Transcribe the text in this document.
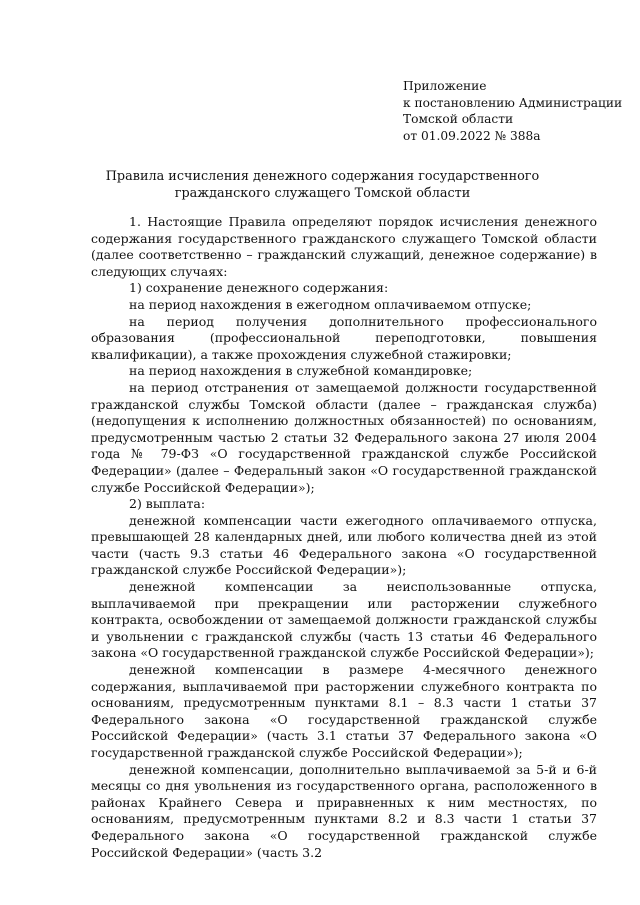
Приложение
к постановлению Администрации
Томской области
от 01.09.2022 № 388а
Правила исчисления денежного содержания государственного
гражданского служащего Томской области

1. Настоящие Правила определяют порядок исчисления денежного содержания государственного гражданского служащего Томской области (далее соответственно – гражданский служащий, денежное содержание) в следующих случаях:

1) сохранение денежного содержания:

на период нахождения в ежегодном оплачиваемом отпуске;

на период получения дополнительного профессионального образования (профессиональной переподготовки, повышения квалификации), а также прохождения служебной стажировки;

на период нахождения в служебной командировке;

на период отстранения от замещаемой должности государственной гражданской службы Томской области (далее – гражданская служба) (недопущения к исполнению должностных обязанностей) по основаниям, предусмотренным частью 2 статьи 32 Федерального закона 27 июля 2004 года № 79-ФЗ «О государственной гражданской службе Российской Федерации» (далее – Федеральный закон «О государственной гражданской службе Российской Федерации»);

2) выплата:

денежной компенсации части ежегодного оплачиваемого отпуска, превышающей 28 календарных дней, или любого количества дней из этой части (часть 9.3 статьи 46 Федерального закона «О государственной гражданской службе Российской Федерации»);

денежной компенсации за неиспользованные отпуска, выплачиваемой при прекращении или расторжении служебного контракта, освобождении от замещаемой должности гражданской службы и увольнении с гражданской службы (часть 13 статьи 46 Федерального закона «О государственной гражданской службе Российской Федерации»);

денежной компенсации в размере 4-месячного денежного содержания, выплачиваемой при расторжении служебного контракта по основаниям, предусмотренным пунктами 8.1 – 8.3 части 1 статьи 37 Федерального закона «О государственной гражданской службе Российской Федерации» (часть 3.1 статьи 37 Федерального закона «О государственной гражданской службе Российской Федерации»);

денежной компенсации, дополнительно выплачиваемой за 5-й и 6-й месяцы со дня увольнения из государственного органа, расположенного в районах Крайнего Севера и приравненных к ним местностях, по основаниям, предусмотренным пунктами 8.2 и 8.3 части 1 статьи 37 Федерального закона «О государственной гражданской службе Российской Федерации» (часть 3.2
